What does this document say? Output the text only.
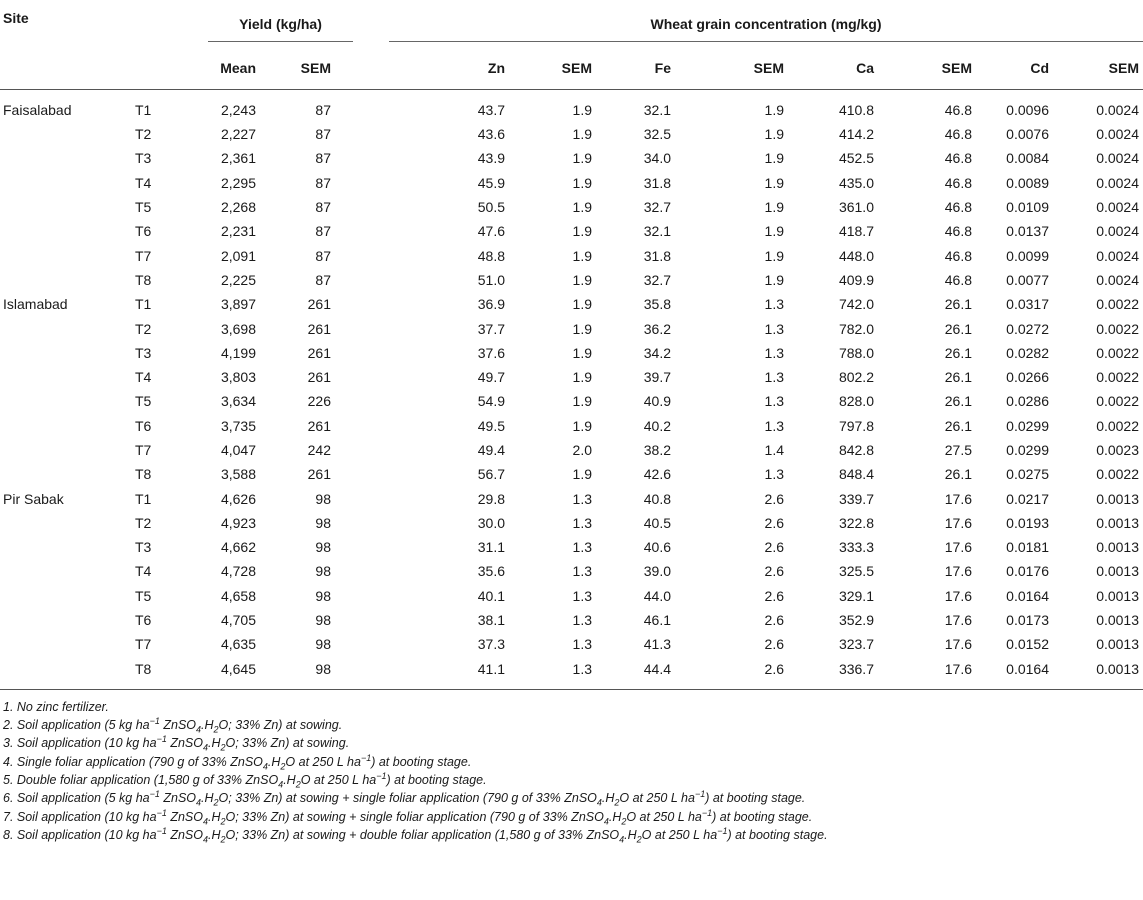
Site		Yield (kg/ha)		Wheat grain concentration (mg/kg)							

		Mean	SEM	Zn	SEM	Fe	SEM	Ca	SEM	Cd	SEM
Faisalabad	T1	2,243	87	43.7	1.9	32.1	1.9	410.8	46.8	0.0096	0.0024
	T2	2,227	87	43.6	1.9	32.5	1.9	414.2	46.8	0.0076	0.0024
	T3	2,361	87	43.9	1.9	34.0	1.9	452.5	46.8	0.0084	0.0024
	T4	2,295	87	45.9	1.9	31.8	1.9	435.0	46.8	0.0089	0.0024
	T5	2,268	87	50.5	1.9	32.7	1.9	361.0	46.8	0.0109	0.0024
	T6	2,231	87	47.6	1.9	32.1	1.9	418.7	46.8	0.0137	0.0024
	T7	2,091	87	48.8	1.9	31.8	1.9	448.0	46.8	0.0099	0.0024
	T8	2,225	87	51.0	1.9	32.7	1.9	409.9	46.8	0.0077	0.0024
Islamabad	T1	3,897	261	36.9	1.9	35.8	1.3	742.0	26.1	0.0317	0.0022
	T2	3,698	261	37.7	1.9	36.2	1.3	782.0	26.1	0.0272	0.0022
	T3	4,199	261	37.6	1.9	34.2	1.3	788.0	26.1	0.0282	0.0022
	T4	3,803	261	49.7	1.9	39.7	1.3	802.2	26.1	0.0266	0.0022
	T5	3,634	226	54.9	1.9	40.9	1.3	828.0	26.1	0.0286	0.0022
	T6	3,735	261	49.5	1.9	40.2	1.3	797.8	26.1	0.0299	0.0022
	T7	4,047	242	49.4	2.0	38.2	1.4	842.8	27.5	0.0299	0.0023
	T8	3,588	261	56.7	1.9	42.6	1.3	848.4	26.1	0.0275	0.0022
Pir Sabak	T1	4,626	98	29.8	1.3	40.8	2.6	339.7	17.6	0.0217	0.0013
	T2	4,923	98	30.0	1.3	40.5	2.6	322.8	17.6	0.0193	0.0013
	T3	4,662	98	31.1	1.3	40.6	2.6	333.3	17.6	0.0181	0.0013
	T4	4,728	98	35.6	1.3	39.0	2.6	325.5	17.6	0.0176	0.0013
	T5	4,658	98	40.1	1.3	44.0	2.6	329.1	17.6	0.0164	0.0013
	T6	4,705	98	38.1	1.3	46.1	2.6	352.9	17.6	0.0173	0.0013
	T7	4,635	98	37.3	1.3	41.3	2.6	323.7	17.6	0.0152	0.0013
	T8	4,645	98	41.1	1.3	44.4	2.6	336.7	17.6	0.0164	0.0013
1. No zinc fertilizer.
2. Soil application (5 kg $ha^{-1}$ $ZnSO_4.H_2O$; 33% Zn) at sowing.
3. Soil application (10 kg $ha^{-1}$ $ZnSO_4.H_2O$; 33% Zn) at sowing.
4. Single foliar application (790 g of 33% $ZnSO_4.H_2O$ at 250 L $ha^{-1}$) at booting stage.
5. Double foliar application (1,580 g of 33% $ZnSO_4.H_2O$ at 250 L $ha^{-1}$) at booting stage.
6. Soil application (5 kg $ha^{-1}$ $ZnSO_4.H_2O$; 33% Zn) at sowing + single foliar application (790 g of 33% $ZnSO_4.H_2O$ at 250 L $ha^{-1}$) at booting stage.
7. Soil application (10 kg $ha^{-1}$ $ZnSO_4.H_2O$; 33% Zn) at sowing + single foliar application (790 g of 33% $ZnSO_4.H_2O$ at 250 L $ha^{-1}$) at booting stage.
8. Soil application (10 kg $ha^{-1}$ $ZnSO_4.H_2O$; 33% Zn) at sowing + double foliar application (1,580 g of 33% $ZnSO_4.H_2O$ at 250 L $ha^{-1}$) at booting stage.
